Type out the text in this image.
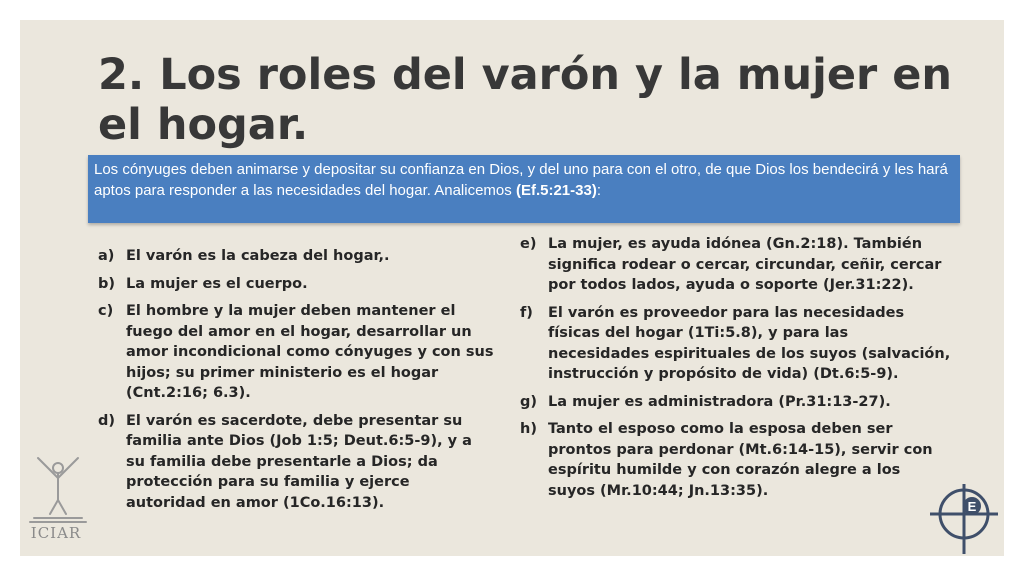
2. Los roles del varón y la mujer en el hogar.
Los cónyuges deben animarse y depositar su confianza en Dios, y del uno para con el otro, de que Dios los bendecirá y les hará aptos para responder a las necesidades del hogar. Analicemos (Ef.5:21-33):
a) El varón es la cabeza del hogar,.
b) La mujer es el cuerpo.
c) El hombre y la mujer deben mantener el fuego del amor en el hogar, desarrollar un amor incondicional como cónyuges y con sus hijos; su primer ministerio es el hogar (Cnt.2:16; 6.3).
d) El varón es sacerdote, debe presentar su familia ante Dios (Job 1:5; Deut.6:5-9), y a su familia debe presentarle a Dios; da protección para su familia y ejerce autoridad en amor (1Co.16:13).
e) La mujer, es ayuda idónea (Gn.2:18). También significa rodear o cercar, circundar, ceñir, cercar por todos lados, ayuda o soporte (Jer.31:22).
f)	El varón es proveedor para las necesidades físicas del hogar (1Ti:5.8), y para las necesidades espirituales de los suyos (salvación, instrucción y propósito de vida) (Dt.6:5-9).
g) La mujer es administradora (Pr.31:13-27).
h) Tanto el esposo como la esposa deben ser prontos para perdonar (Mt.6:14-15), servir con espíritu humilde y con corazón alegre a los suyos (Mr.10:44; Jn.13:35).
ICIAR
E
